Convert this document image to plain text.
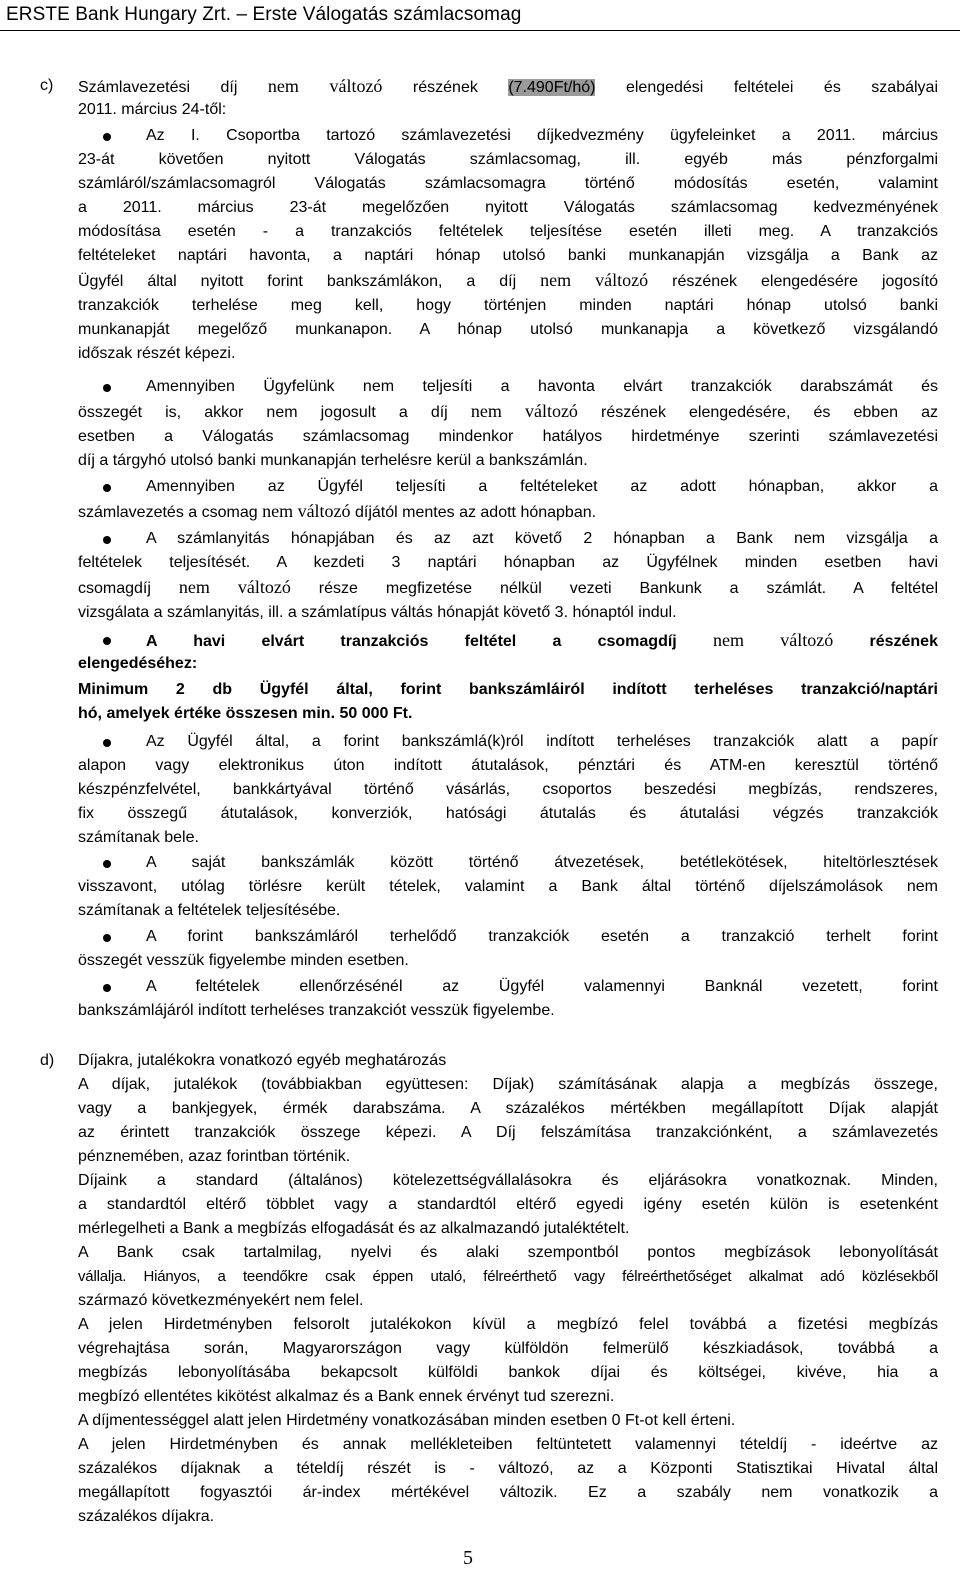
ERSTE Bank Hungary Zrt. – Erste Válogatás számlacsomag
c) Számlavezetési díj nem változó részének (7.490Ft/hó) elengedési feltételei és szabályai
2011. március 24-től:
Az I. Csoportba tartozó számlavezetési díjkedvezmény ügyfeleinket a 2011. március
23-át követően nyitott Válogatás számlacsomag, ill. egyéb más pénzforgalmi
számláról/számlacsomagról Válogatás számlacsomagra történő módosítás esetén, valamint
a 2011. március 23-át megelőzően nyitott Válogatás számlacsomag kedvezményének
módosítása esetén - a tranzakciós feltételek teljesítése esetén illeti meg. A tranzakciós
feltételeket naptári havonta, a naptári hónap utolsó banki munkanapján vizsgálja a Bank az
Ügyfél által nyitott forint bankszámlákon, a díj nem változó részének elengedésére jogosító
tranzakciók terhelése meg kell, hogy történjen minden naptári hónap utolsó banki
munkanapját megelőző munkanapon. A hónap utolsó munkanapja a következő vizsgálandó
időszak részét képezi.
Amennyiben Ügyfelünk nem teljesíti a havonta elvárt tranzakciók darabszámát és
összegét is, akkor nem jogosult a díj nem változó részének elengedésére, és ebben az
esetben a Válogatás számlacsomag mindenkor hatályos hirdetménye szerinti számlavezetési
díj a tárgyhó utolsó banki munkanapján terhelésre kerül a bankszámlán.
Amennyiben az Ügyfél teljesíti a feltételeket az adott hónapban, akkor a
számlavezetés a csomag nem változó díjától mentes az adott hónapban.
A számlanyitás hónapjában és az azt követő 2 hónapban a Bank nem vizsgálja a
feltételek teljesítését. A kezdeti 3 naptári hónapban az Ügyfélnek minden esetben havi
csomagdíj nem változó része megfizetése nélkül vezeti Bankunk a számlát. A feltétel
vizsgálata a számlanyitás, ill. a számlatípus váltás hónapját követő 3. hónaptól indul.
A havi elvárt tranzakciós feltétel a csomagdíj nem változó részének
elengedéséhez:
Minimum 2 db Ügyfél által, forint bankszámláiról indított terheléses tranzakció/naptári
hó, amelyek értéke összesen min. 50 000 Ft.
Az Ügyfél által, a forint bankszámlá(k)ról indított terheléses tranzakciók alatt a papír
alapon vagy elektronikus úton indított átutalások, pénztári és ATM-en keresztül történő
készpénzfelvétel, bankkártyával történő vásárlás, csoportos beszedési megbízás, rendszeres,
fix összegű átutalások, konverziók, hatósági átutalás és átutalási végzés tranzakciók
számítanak bele.
A saját bankszámlák között történő átvezetések, betétlekötések, hiteltörlesztések
visszavont, utólag törlésre került tételek, valamint a Bank által történő díjelszámolások nem
számítanak a feltételek teljesítésébe.
A forint bankszámláról terhelődő tranzakciók esetén a tranzakció terhelt forint
összegét vesszük figyelembe minden esetben.
A feltételek ellenőrzésénél az Ügyfél valamennyi Banknál vezetett, forint
bankszámlájáról indított terheléses tranzakciót vesszük figyelembe.
d) Díjakra, jutalékokra vonatkozó egyéb meghatározás
A díjak, jutalékok (továbbiakban együttesen: Díjak) számításának alapja a megbízás összege,
vagy a bankjegyek, érmék darabszáma. A százalékos mértékben megállapított Díjak alapját
az érintett tranzakciók összege képezi. A Díj felszámítása tranzakciónként, a számlavezetés
pénznemében, azaz forintban történik.
Díjaink a standard (általános) kötelezettségvállalásokra és eljárásokra vonatkoznak. Minden,
a standardtól eltérő többlet vagy a standardtól eltérő egyedi igény esetén külön is esetenként
mérlegelheti a Bank a megbízás elfogadását és az alkalmazandó jutaléktételt.
A Bank csak tartalmilag, nyelvi és alaki szempontból pontos megbízások lebonyolítását
vállalja. Hiányos, a teendőkre csak éppen utaló, félreérthető vagy félreérthetőséget alkalmat adó közlésekből
származó következményekért nem felel.
A jelen Hirdetményben felsorolt jutalékokon kívül a megbízó felel továbbá a fizetési megbízás
végrehajtása során, Magyarországon vagy külföldön felmerülő készkiadások, továbbá a
megbízás lebonyolításába bekapcsolt külföldi bankok díjai és költségei, kivéve, hia a
megbízó ellentétes kikötést alkalmaz és a Bank ennek érvényt tud szerezni.
A díjmentességgel alatt jelen Hirdetmény vonatkozásában minden esetben 0 Ft-ot kell érteni.
A jelen Hirdetményben és annak mellékleteiben feltüntetett valamennyi tételdíj - ideértve az
százalékos díjaknak a tételdíj részét is - változó, az a Központi Statisztikai Hivatal által
megállapított fogyasztói ár-index mértékével változik. Ez a szabály nem vonatkozik a
százalékos díjakra.
5
